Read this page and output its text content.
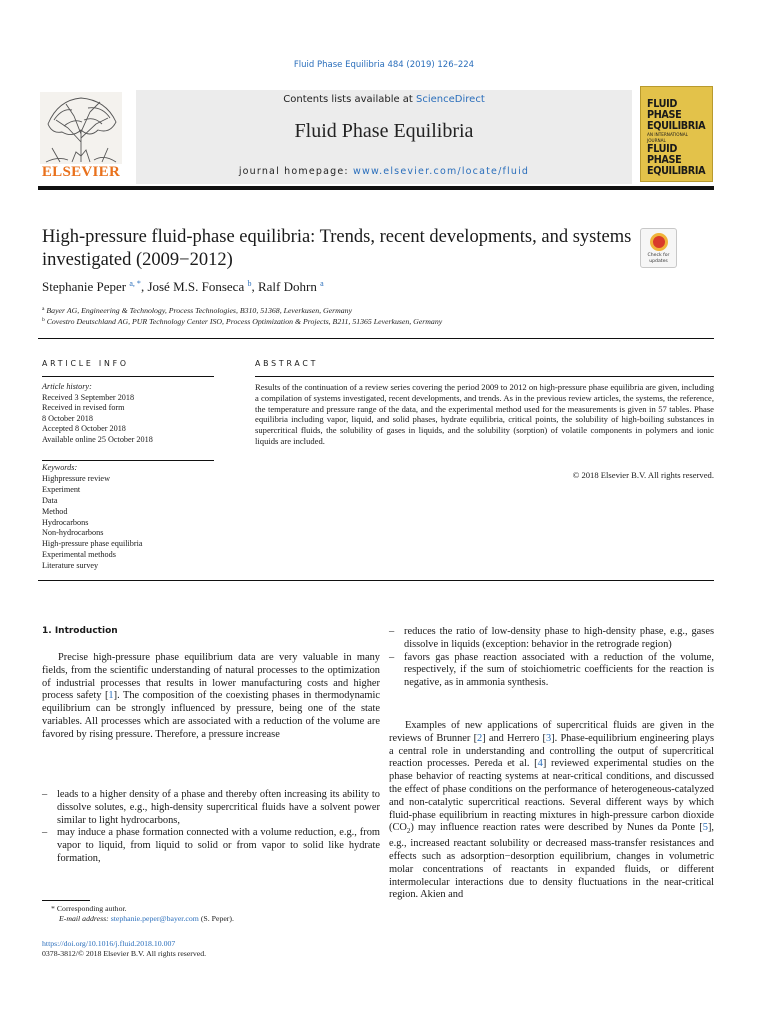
Fluid Phase Equilibria 484 (2019) 126–224
Contents lists available at ScienceDirect
Fluid Phase Equilibria
journal homepage: www.elsevier.com/locate/fluid
ELSEVIER
FLUID PHASE
EQUILIBRIA
AN INTERNATIONAL JOURNAL
FLUID PHASE
EQUILIBRIA
High-pressure fluid-phase equilibria: Trends, recent developments, and systems investigated (2009−2012)	Check for updates
Stephanie Peper $^{a, *}$, José M.S. Fonseca $^b$, Ralf Dohrn $^a$
$^a$ Bayer AG, Engineering & Technology, Process Technologies, B310, 51368, Leverkusen, Germany
$^b$ Covestro Deutschland AG, PUR Technology Center ISO, Process Optimization & Projects, B211, 51365 Leverkusen, Germany
ARTICLE INFO
Article history:
Received 3 September 2018
Received in revised form
8 October 2018
Accepted 8 October 2018
Available online 25 October 2018
Keywords:
Highpressure review
Experiment
Data
Method
Hydrocarbons
Non-hydrocarbons
High-pressure phase equilibria
Experimental methods
Literature survey
ABSTRACT
Results of the continuation of a review series covering the period 2009 to 2012 on high-pressure phase equilibria are given, including a compilation of systems investigated, recent developments, and trends. As in the previous review articles, the systems, the reference, the temperature and pressure range of the data, and the experimental method used for the measurements is given in 57 tables. Phase equilibria including vapor, liquid, and solid phases, hydrate equilibria, critical points, the solubility of high-boiling substances in supercritical fluids, the solubility of gases in liquids, and the solubility (sorption) of volatile components in polymers and ionic liquids are included.
© 2018 Elsevier B.V. All rights reserved.
1. Introduction
Precise high-pressure phase equilibrium data are very valuable in many fields, from the scientific understanding of natural processes to the optimization of industrial processes that results in lower manufacturing costs and higher process safety [1]. The composition of the coexisting phases in thermodynamic equilibrium can be strongly influenced by pressure, being one of the state variables. All processes which are associated with a reduction of the volume are favored by rising pressure. Therefore, a pressure increase
– leads to a higher density of a phase and thereby often increasing its ability to dissolve solutes, e.g., high-density supercritical fluids have a solvent power similar to light hydrocarbons,
– may induce a phase formation connected with a volume reduction, e.g., from vapor to liquid, from liquid to solid or from vapor to solid like hydrate formation,
– reduces the ratio of low-density phase to high-density phase, e.g., gases dissolve in liquids (exception: behavior in the retrograde region)
– favors gas phase reaction associated with a reduction of the volume, respectively, if the sum of stoichiometric coefficients for the reaction is negative, as in ammonia synthesis.
Examples of new applications of supercritical fluids are given in the reviews of Brunner [2] and Herrero [3]. Phase-equilibrium engineering plays a central role in understanding and controlling the output of supercritical reaction processes. Pereda et al. [4] reviewed experimental studies on the phase behavior of reacting systems at near-critical conditions, and discussed the effect of phase conditions on the performance of heterogeneous-catalyzed and non-catalytic supercritical reactions. Several different ways by which fluid-phase equilibrium in reacting mixtures in high-pressure carbon dioxide $(CO_2)$ may influence reaction rates were described by Nunes da Ponte [5], e.g., increased reactant solubility or decreased mass-transfer resistances and effects such as adsorption−desorption equilibrium, changes in volumetric molar concentrations of reactants in expanded fluids, or different intermolecular interactions due to density fluctuations in the near-critical region. Akien and
* Corresponding author.
E-mail address: stephanie.peper@bayer.com (S. Peper).
https://doi.org/10.1016/j.fluid.2018.10.007
0378-3812/© 2018 Elsevier B.V. All rights reserved.
